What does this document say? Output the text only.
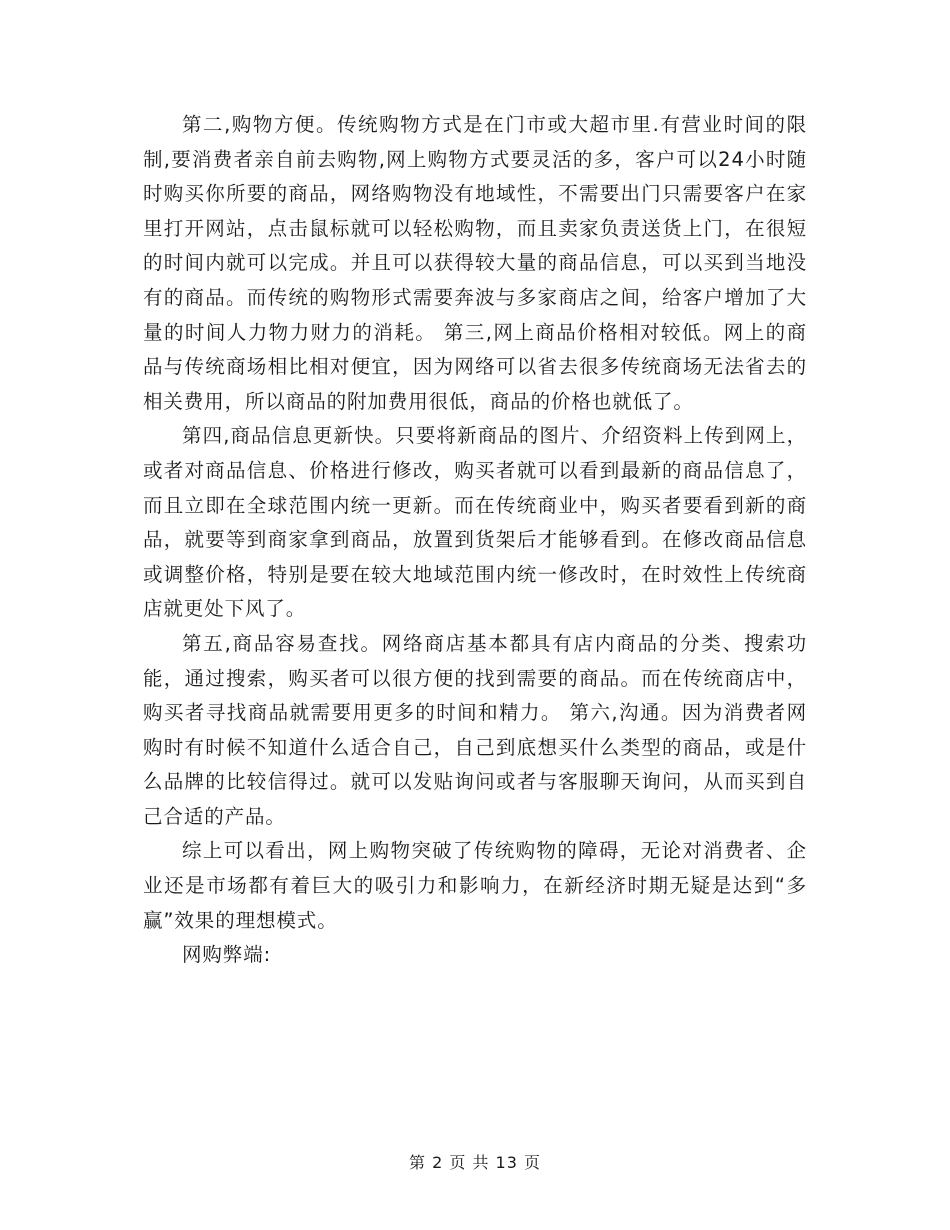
第二,购物方便。传统购物方式是在门市或大超市里.有营业时间的限制,要消费者亲自前去购物,网上购物方式要灵活的多，客户可以24小时随时购买你所要的商品，网络购物没有地域性，不需要出门只需要客户在家里打开网站，点击鼠标就可以轻松购物，而且卖家负责送货上门，在很短的时间内就可以完成。并且可以获得较大量的商品信息，可以买到当地没有的商品。而传统的购物形式需要奔波与多家商店之间，给客户增加了大量的时间人力物力财力的消耗。 第三,网上商品价格相对较低。网上的商品与传统商场相比相对便宜，因为网络可以省去很多传统商场无法省去的相关费用，所以商品的附加费用很低，商品的价格也就低了。

第四,商品信息更新快。只要将新商品的图片、介绍资料上传到网上，或者对商品信息、价格进行修改，购买者就可以看到最新的商品信息了，而且立即在全球范围内统一更新。而在传统商业中，购买者要看到新的商品，就要等到商家拿到商品，放置到货架后才能够看到。在修改商品信息或调整价格，特别是要在较大地域范围内统一修改时，在时效性上传统商店就更处下风了。

第五,商品容易查找。网络商店基本都具有店内商品的分类、搜索功能，通过搜索，购买者可以很方便的找到需要的商品。而在传统商店中，购买者寻找商品就需要用更多的时间和精力。 第六,沟通。因为消费者网购时有时候不知道什么适合自己，自己到底想买什么类型的商品，或是什么品牌的比较信得过。就可以发贴询问或者与客服聊天询问，从而买到自己合适的产品。

综上可以看出，网上购物突破了传统购物的障碍，无论对消费者、企业还是市场都有着巨大的吸引力和影响力，在新经济时期无疑是达到“多赢”效果的理想模式。

网购弊端:

第 2 页 共 13 页
